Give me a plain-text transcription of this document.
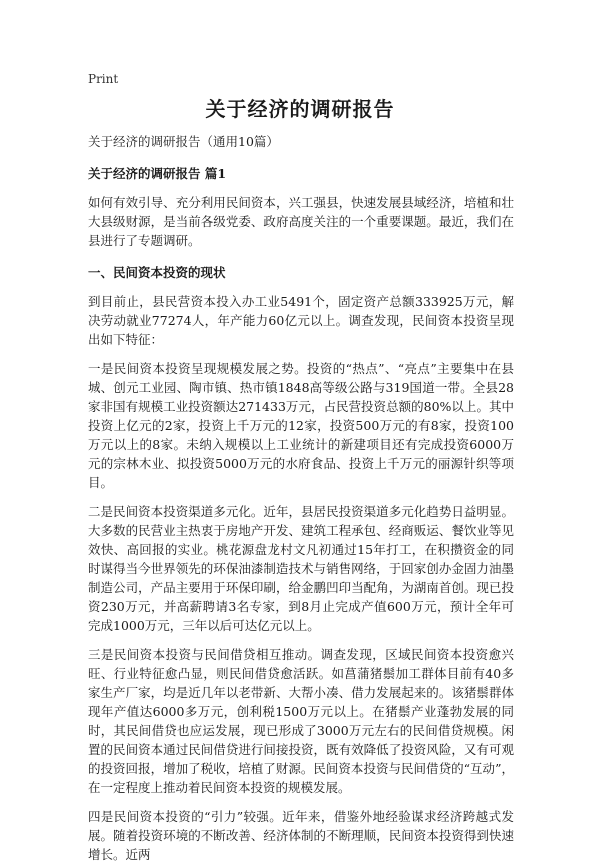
Print
关于经济的调研报告

关于经济的调研报告（通用10篇）

关于经济的调研报告 篇1

如何有效引导、充分利用民间资本，兴工强县，快速发展县域经济，培植和壮大县级财源，是当前各级党委、政府高度关注的一个重要课题。最近，我们在县进行了专题调研。

一、民间资本投资的现状

到目前止，县民营资本投入办工业5491个，固定资产总额333925万元，解决劳动就业77274人，年产能力60亿元以上。调查发现，民间资本投资呈现出如下特征：

一是民间资本投资呈现规模发展之势。投资的“热点”、“亮点”主要集中在县城、创元工业园、陶市镇、热市镇1848高等级公路与319国道一带。全县28家非国有规模工业投资额达271433万元，占民营投资总额的80%以上。其中投资上亿元的2家，投资上千万元的12家，投资500万元的有8家，投资100万元以上的8家。未纳入规模以上工业统计的新建项目还有完成投资6000万元的宗林木业、拟投资5000万元的水府食品、投资上千万元的丽源针织等项目。

二是民间资本投资渠道多元化。近年，县居民投资渠道多元化趋势日益明显。大多数的民营业主热衷于房地产开发、建筑工程承包、经商贩运、餐饮业等见效快、高回报的实业。桃花源盘龙村文凡初通过15年打工，在积攒资金的同时谋得当今世界领先的环保油漆制造技术与销售网络，于回家创办金固力油墨制造公司，产品主要用于环保印刷，给金鹏凹印当配角，为湖南首创。现已投资230万元，并高薪聘请3名专家，到8月止完成产值600万元，预计全年可完成1000万元，三年以后可达亿元以上。

三是民间资本投资与民间借贷相互推动。调查发现，区域民间资本投资愈兴旺、行业特征愈凸显，则民间借贷愈活跃。如菖蒲猪鬃加工群体目前有40多家生产厂家，均是近几年以老带新、大帮小凑、借力发展起来的。该猪鬃群体现年产值达6000多万元，创利税1500万元以上。在猪鬃产业蓬勃发展的同时，其民间借贷也应运发展，现已形成了3000万元左右的民间借贷规模。闲置的民间资本通过民间借贷进行间接投资，既有效降低了投资风险，又有可观的投资回报，增加了税收，培植了财源。民间资本投资与民间借贷的“互动”，在一定程度上推动着民间资本投资的规模发展。

四是民间资本投资的“引力”较强。近年来，借鉴外地经验谋求经济跨越式发展。随着投资环境的不断改善、经济体制的不断理顺，民间资本投资得到快速增长。近两
